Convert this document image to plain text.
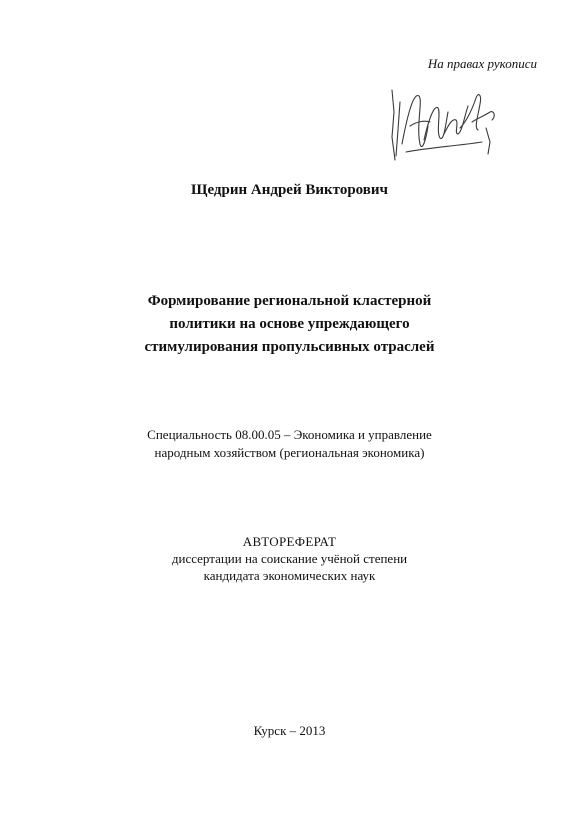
На правах рукописи
Щедрин Андрей Викторович
Формирование региональной кластерной
политики на основе упреждающего
стимулирования пропульсивных отраслей
Специальность 08.00.05 – Экономика и управление
народным хозяйством (региональная экономика)
АВТОРЕФЕРАТ
диссертации на соискание учёной степени
кандидата экономических наук
Курск – 2013
